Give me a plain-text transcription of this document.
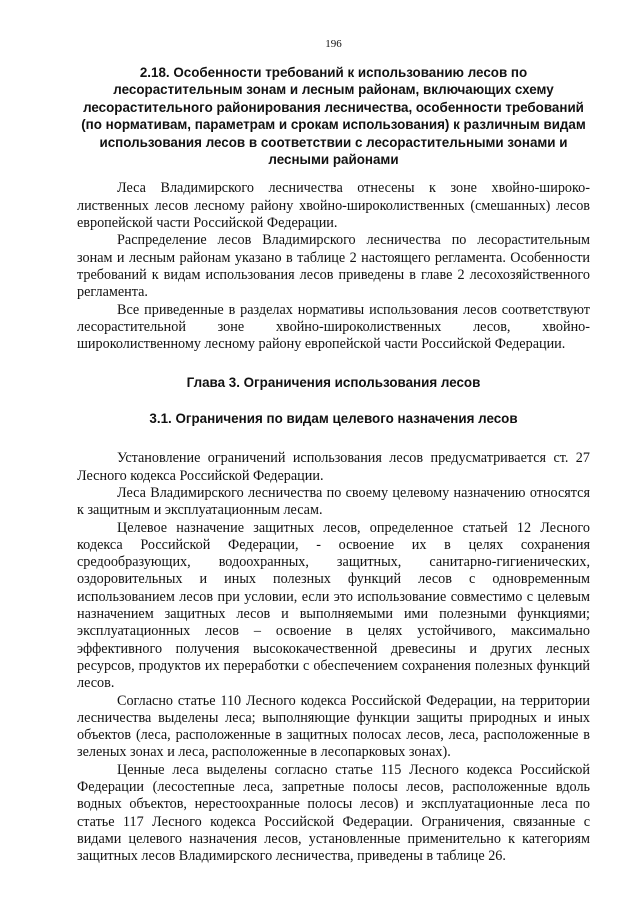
196
2.18. Особенности требований к использованию лесов по лесорастительным зонам и лесным районам, включающих схему лесорастительного районирования лесничества, особенности требований (по нормативам, параметрам и срокам использования) к различным видам использования лесов в соответствии с лесорастительными зонами и лесными районами

Леса Владимирского лесничества отнесены к зоне хвойно-широко-лиственных лесов лесному району хвойно-широколиственных (смешанных) лесов европейской части Российской Федерации.

Распределение лесов Владимирского лесничества по лесорастительным зонам и лесным районам указано в таблице 2 настоящего регламента. Особенности требований к видам использования лесов приведены в главе 2 лесохозяйственного регламента.

Все приведенные в разделах нормативы использования лесов соответствуют лесорастительной зоне хвойно-широколиственных лесов, хвойно-широколиственному лесному району европейской части Российской Федерации.

Глава 3. Ограничения использования лесов
3.1. Ограничения по видам целевого назначения лесов

Установление ограничений использования лесов предусматривается ст. 27 Лесного кодекса Российской Федерации.

Леса Владимирского лесничества по своему целевому назначению относятся к защитным и эксплуатационным лесам.

Целевое назначение защитных лесов, определенное статьей 12 Лесного кодекса Российской Федерации, - освоение их в целях сохранения средообразующих, водоохранных, защитных, санитарно-гигиенических, оздоровительных и иных полезных функций лесов с одновременным использованием лесов при условии, если это использование совместимо с целевым назначением защитных лесов и выполняемыми ими полезными функциями; эксплуатационных лесов – освоение в целях устойчивого, максимально эффективного получения высококачественной древесины и других лесных ресурсов, продуктов их переработки с обеспечением сохранения полезных функций лесов.

Согласно статье 110 Лесного кодекса Российской Федерации, на территории лесничества выделены леса; выполняющие функции защиты природных и иных объектов (леса, расположенные в защитных полосах лесов, леса, расположенные в зеленых зонах и леса, расположенные в лесопарковых зонах).

Ценные леса выделены согласно статье 115 Лесного кодекса Российской Федерации (лесостепные леса, запретные полосы лесов, расположенные вдоль водных объектов, нерестоохранные полосы лесов) и эксплуатационные леса по статье 117 Лесного кодекса Российской Федерации. Ограничения, связанные с видами целевого назначения лесов, установленные применительно к категориям защитных лесов Владимирского лесничества, приведены в таблице 26.
